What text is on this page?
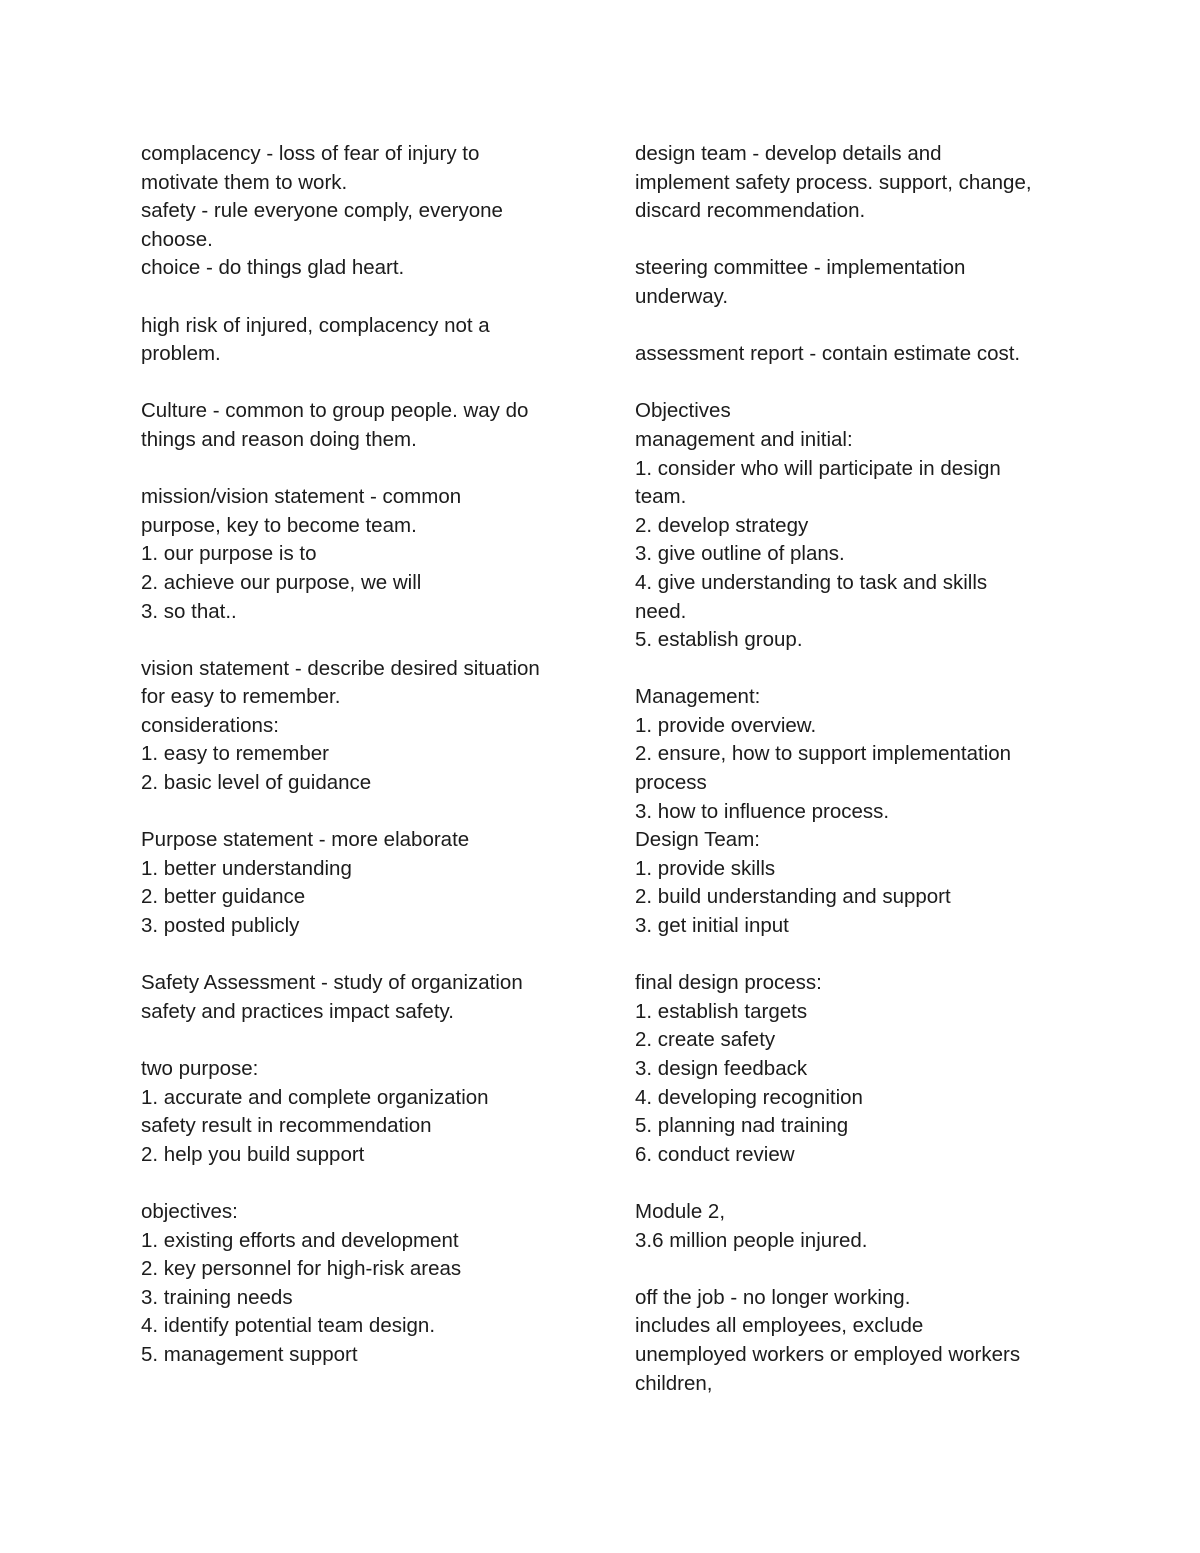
complacency - loss of fear of injury to
motivate them to work.
safety - rule everyone comply, everyone
choose.
choice - do things glad heart.
high risk of injured, complacency not a
problem.
Culture - common to group people. way do
things and reason doing them.
mission/vision statement - common
purpose, key to become team.
1. our purpose is to
2. achieve our purpose, we will
3. so that..
vision statement - describe desired situation
for easy to remember.
considerations:
1. easy to remember
2. basic level of guidance
Purpose statement - more elaborate
1. better understanding
2. better guidance
3. posted publicly
Safety Assessment - study of organization
safety and practices impact safety.
two purpose:
1. accurate and complete organization
safety result in recommendation
2. help you build support
objectives:
1. existing efforts and development
2. key personnel for high-risk areas
3. training needs
4. identify potential team design.
5. management support
design team - develop details and
implement safety process. support, change,
discard recommendation.
steering committee - implementation
underway.
assessment report - contain estimate cost.
Objectives
management and initial:
1. consider who will participate in design
team.
2. develop strategy
3. give outline of plans.
4. give understanding to task and skills
need.
5. establish group.
Management:
1. provide overview.
2. ensure, how to support implementation
process
3. how to influence process.
Design Team:
1. provide skills
2. build understanding and support
3. get initial input
final design process:
1. establish targets
2. create safety
3. design feedback
4. developing recognition
5. planning nad training
6. conduct review
Module 2,
3.6 million people injured.
off the job - no longer working.
includes all employees, exclude
unemployed workers or employed workers
children,
